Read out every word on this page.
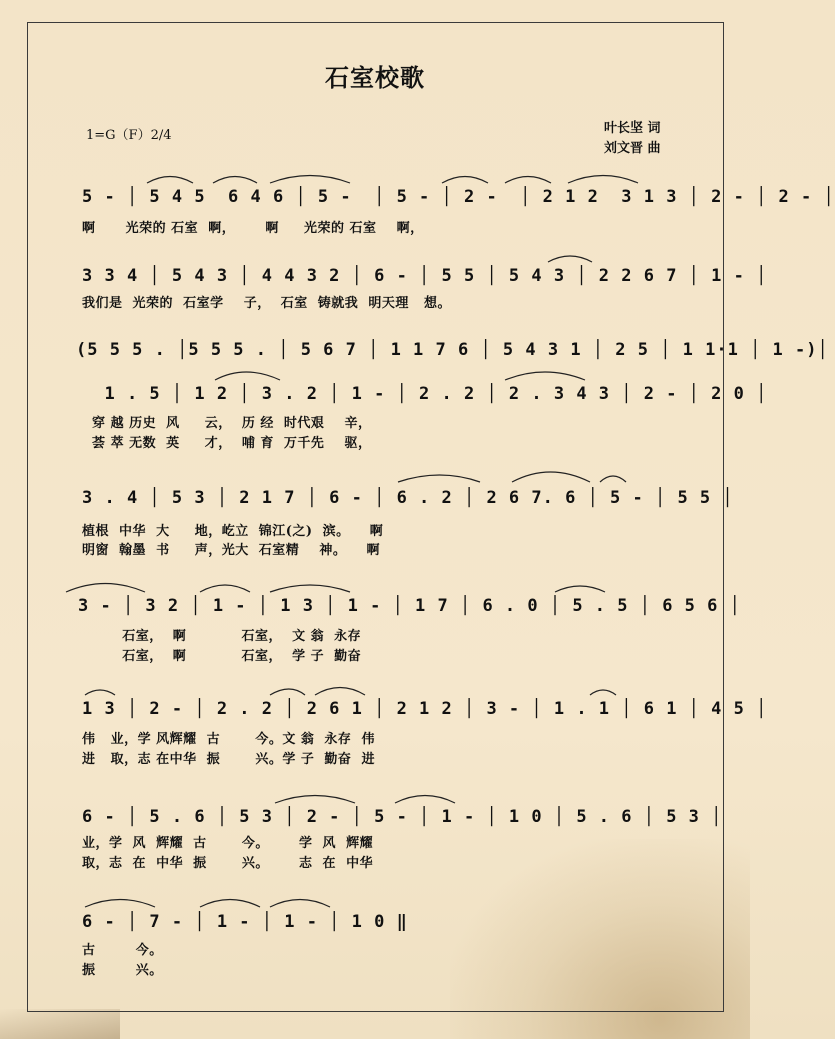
石室校歌
1=G（F）2/4	叶长坚 词
刘文晋 曲
5 - │ 5 4 5  6 4 6 │ 5 -  │ 5 - │ 2 -  │ 2 1 2  3 1 3 │ 2 - │ 2 - │
啊      光荣的 石室  啊，      啊     光荣的 石室    啊，
3 3 4 │ 5 4 3 │ 4 4 3 2 │ 6 - │ 5 5 │ 5 4 3 │ 2 2 6 7 │ 1 - │
我们是  光荣的  石室学    子，  石室  铸就我  明天理   想。
(5 5 5 . │5 5 5 . │ 5 6 7 │ 1 1 7 6 │ 5 4 3 1 │ 2 5 │ 1 1·1 │ 1 -)│
1 . 5 │ 1 2 │ 3 . 2 │ 1 - │ 2 . 2 │ 2 . 3 4 3 │ 2 - │ 2 0 │
穿 越 历史  风     云，  历 经  时代艰    辛，
荟 萃 无数  英     才，  哺 育  万千先    驱，
3 . 4 │ 5 3 │ 2 1 7 │ 6 - │ 6 . 2 │ 2 6 7. 6 │ 5 - │ 5 5 │
植根  中华  大     地，屹立  锦江(之)  滨。    啊
明窗  翰墨  书     声，光大  石室精    神。    啊
3 - │ 3 2 │ 1 - │ 1 3 │ 1 - │ 1 7 │ 6 . 0 │ 5 . 5 │ 6 5 6 │
石室，  啊           石室，  文 翁  永存
石室，  啊           石室，  学 子  勤奋
1 3 │ 2 - │ 2 . 2 │ 2 6 1 │ 2 1 2 │ 3 - │ 1 . 1 │ 6 1 │ 4 5 │
伟   业，学 风辉耀  古       今。文 翁  永存  伟
进   取，志 在中华  振       兴。学 子  勤奋  进
6 - │ 5 . 6 │ 5 3 │ 2 - │ 5 - │ 1 - │ 1 0 │ 5 . 6 │ 5 3 │
业，学  风  辉耀  古       今。      学  风  辉耀
取，志  在  中华  振       兴。      志  在  中华
6 - │ 7 - │ 1 - │ 1 - │ 1 0 ‖
古        今。
振        兴。
